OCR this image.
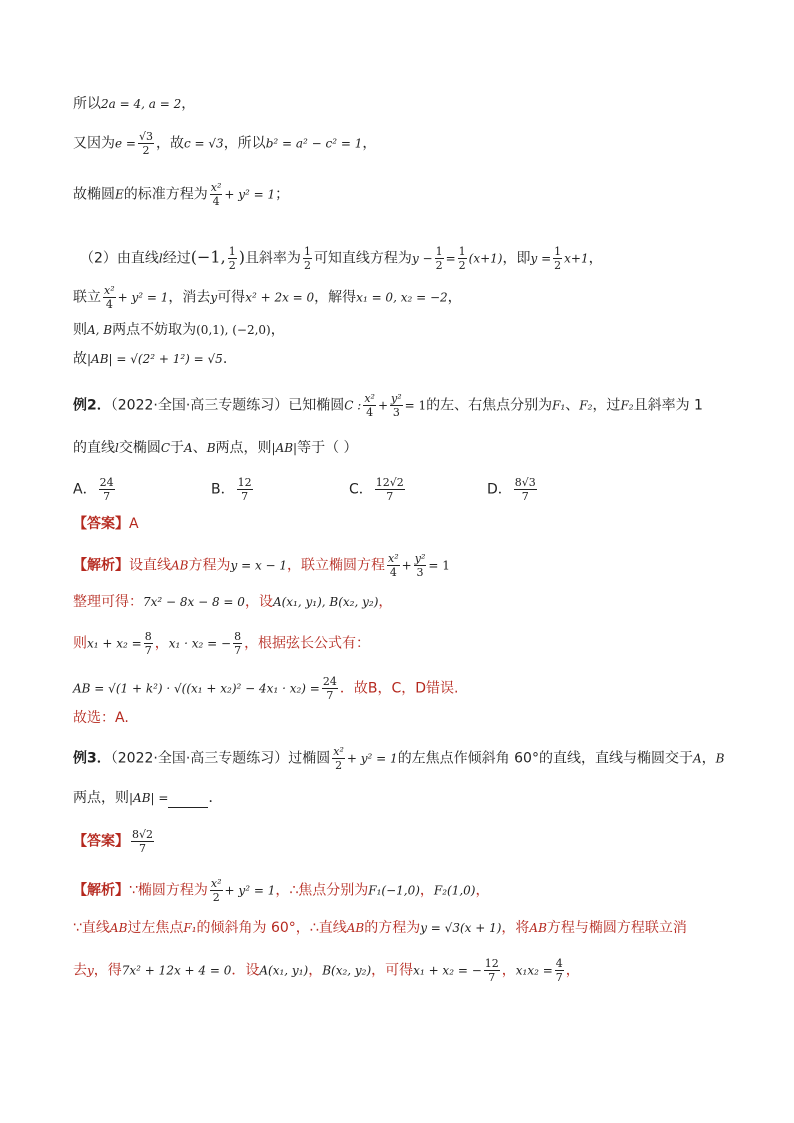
所以2a = 4, a = 2，
又因为$e = \frac{√3}{2}$ ，故c = √3，所以b² = a² − c² = 1，
故椭圆E的标准方程为 $\frac{\text{x²}}{4} + y^2 = 1$；
（2）由直线l经过(−1, $\frac{1}{2}$ )且斜率为 $\frac{1}{2}$ 可知直线方程为$y - \frac{1}{2} = \frac{1}{2} (x+1)$，即$y = \frac{1}{2} x+1$，
联立 $\frac{\text{x²}}{4} + y^2 = 1$，消去y可得x² + 2x = 0，解得x₁ = 0, x₂ = −2，
则A, B两点不妨取为(0,1), (−2,0)，
故|AB| = √(2² + 1²) = √5.
例2．（2022·全国·高三专题练习）已知椭圆C : $\frac{\text{x²}}{4} + \frac{\text{y²}}{3} = 1$的左、右焦点分别为F₁、F₂，过F₂且斜率为 1
的直线l交椭圆C于A、B两点，则|AB|等于（ ）
A． $\frac{24}{7}$	B． $\frac{12}{7}$	C． $\frac{12√2}{7}$	D． $\frac{8√3}{7}$
【答案】A
【解析】设直线AB方程为y = x − 1，联立椭圆方程 $\frac{\text{x²}}{4} + \frac{\text{y²}}{3} = 1$
整理可得：7x² − 8x − 8 = 0，设A(x₁, y₁), B(x₂, y₂)，
则$x_1 + x_2 = \frac{8}{7}$ ，x₁ · x₂ = − $\frac{8}{7}$ ，根据弦长公式有：
AB = $√(1 + k^2) \cdot √((x_1 + x_2)^2 - 4x_1 \cdot x_2) = \frac{24}{7}$ ．故B，C，D错误.
故选：A.
例3．（2022·全国·高三专题练习）过椭圆 $\frac{\text{x²}}{2} + y^2 = 1$的左焦点作倾斜角 60°的直线，直线与椭圆交于A，B
两点，则|AB| =	．
【答案】 $\frac{8√2}{7}$
【解析】∵椭圆方程为 $\frac{\text{x²}}{2} + y^2 = 1$，∴焦点分别为F₁(−1,0)，F₂(1,0)，
∵直线AB过左焦点F₁的倾斜角为 60°，∴直线AB的方程为y = √3(x + 1)，将AB方程与椭圆方程联立消
去y，得7x² + 12x + 4 = 0．设A(x₁, y₁)，B(x₂, y₂)，可得x₁ + x₂ = − $\frac{12}{7}$ ，$x_1x_2 = \frac{4}{7}$ ，
